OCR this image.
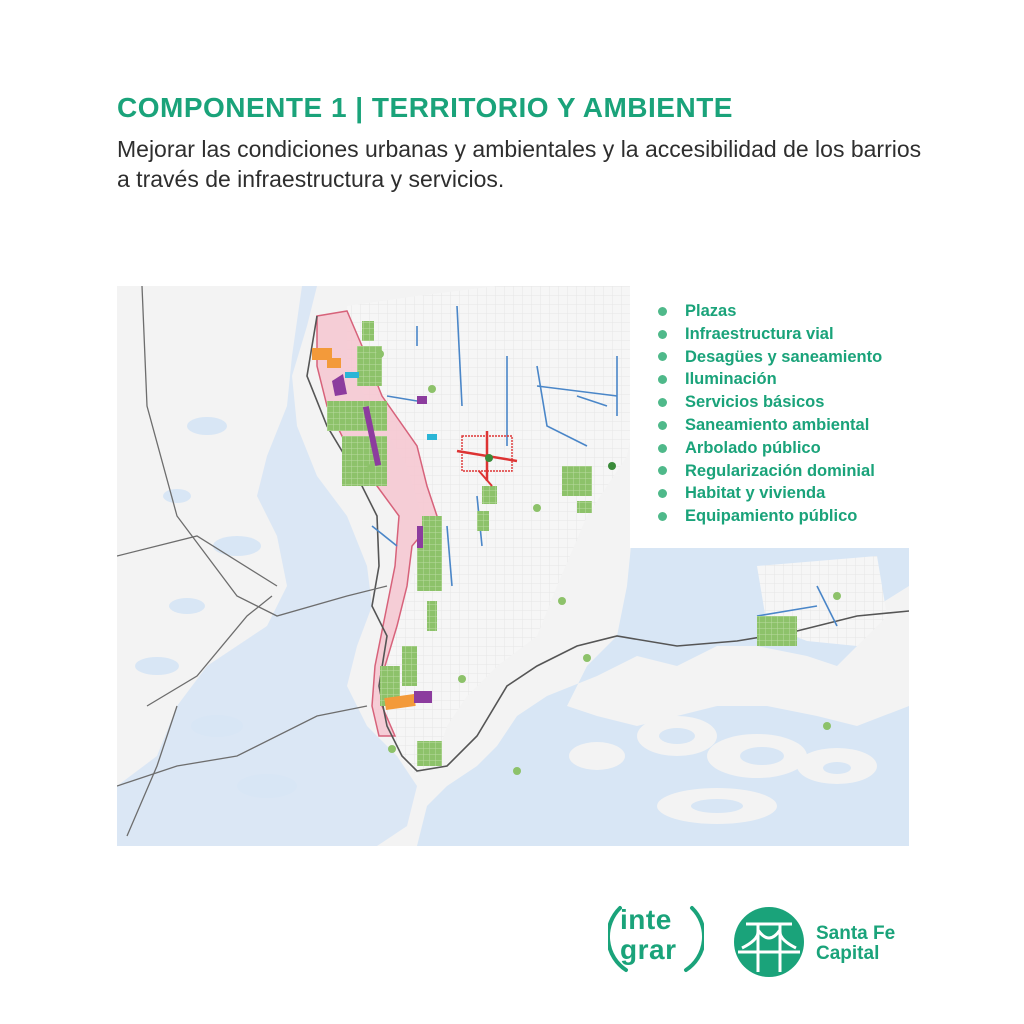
COMPONENTE 1 | TERRITORIO Y AMBIENTE
Mejorar las condiciones urbanas y ambientales y la accesibilidad de los barrios a través de infraestructura y servicios.
Plazas
Infraestructura vial
Desagües y saneamiento
Iluminación
Servicios básicos
Saneamiento ambiental
Arbolado público
Regularización dominial
Habitat y vivienda
Equipamiento público
inte
grar
Santa Fe
Capital
